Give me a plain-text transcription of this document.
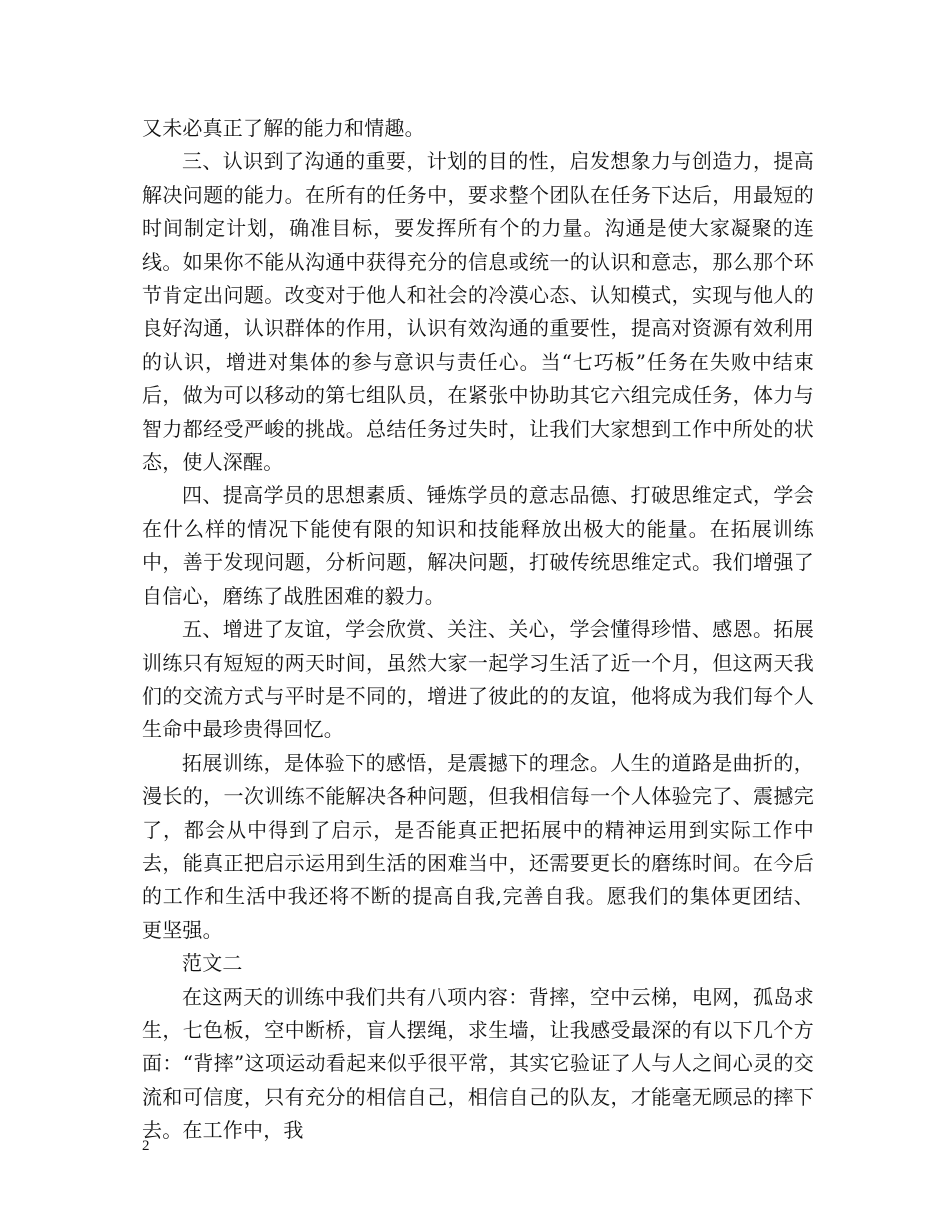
又未必真正了解的能力和情趣。

三、认识到了沟通的重要，计划的目的性，启发想象力与创造力，提高解决问题的能力。在所有的任务中，要求整个团队在任务下达后，用最短的时间制定计划，确准目标，要发挥所有个的力量。沟通是使大家凝聚的连线。如果你不能从沟通中获得充分的信息或统一的认识和意志，那么那个环节肯定出问题。改变对于他人和社会的冷漠心态、认知模式，实现与他人的良好沟通，认识群体的作用，认识有效沟通的重要性，提高对资源有效利用的认识，增进对集体的参与意识与责任心。当“七巧板”任务在失败中结束后，做为可以移动的第七组队员，在紧张中协助其它六组完成任务，体力与智力都经受严峻的挑战。总结任务过失时，让我们大家想到工作中所处的状态，使人深醒。

四、提高学员的思想素质、锤炼学员的意志品德、打破思维定式，学会在什么样的情况下能使有限的知识和技能释放出极大的能量。在拓展训练中，善于发现问题，分析问题，解决问题，打破传统思维定式。我们增强了自信心，磨练了战胜困难的毅力。

五、增进了友谊，学会欣赏、关注、关心，学会懂得珍惜、感恩。拓展训练只有短短的两天时间，虽然大家一起学习生活了近一个月，但这两天我们的交流方式与平时是不同的，增进了彼此的的友谊，他将成为我们每个人生命中最珍贵得回忆。

拓展训练，是体验下的感悟，是震撼下的理念。人生的道路是曲折的，漫长的，一次训练不能解决各种问题，但我相信每一个人体验完了、震撼完了，都会从中得到了启示，是否能真正把拓展中的精神运用到实际工作中去，能真正把启示运用到生活的困难当中，还需要更长的磨练时间。在今后的工作和生活中我还将不断的提高自我,完善自我。愿我们的集体更团结、更坚强。

范文二

在这两天的训练中我们共有八项内容：背摔，空中云梯，电网，孤岛求生，七色板，空中断桥，盲人摆绳，求生墙，让我感受最深的有以下几个方面：“背摔”这项运动看起来似乎很平常，其实它验证了人与人之间心灵的交流和可信度，只有充分的相信自己，相信自己的队友，才能毫无顾忌的摔下去。在工作中，我

2
